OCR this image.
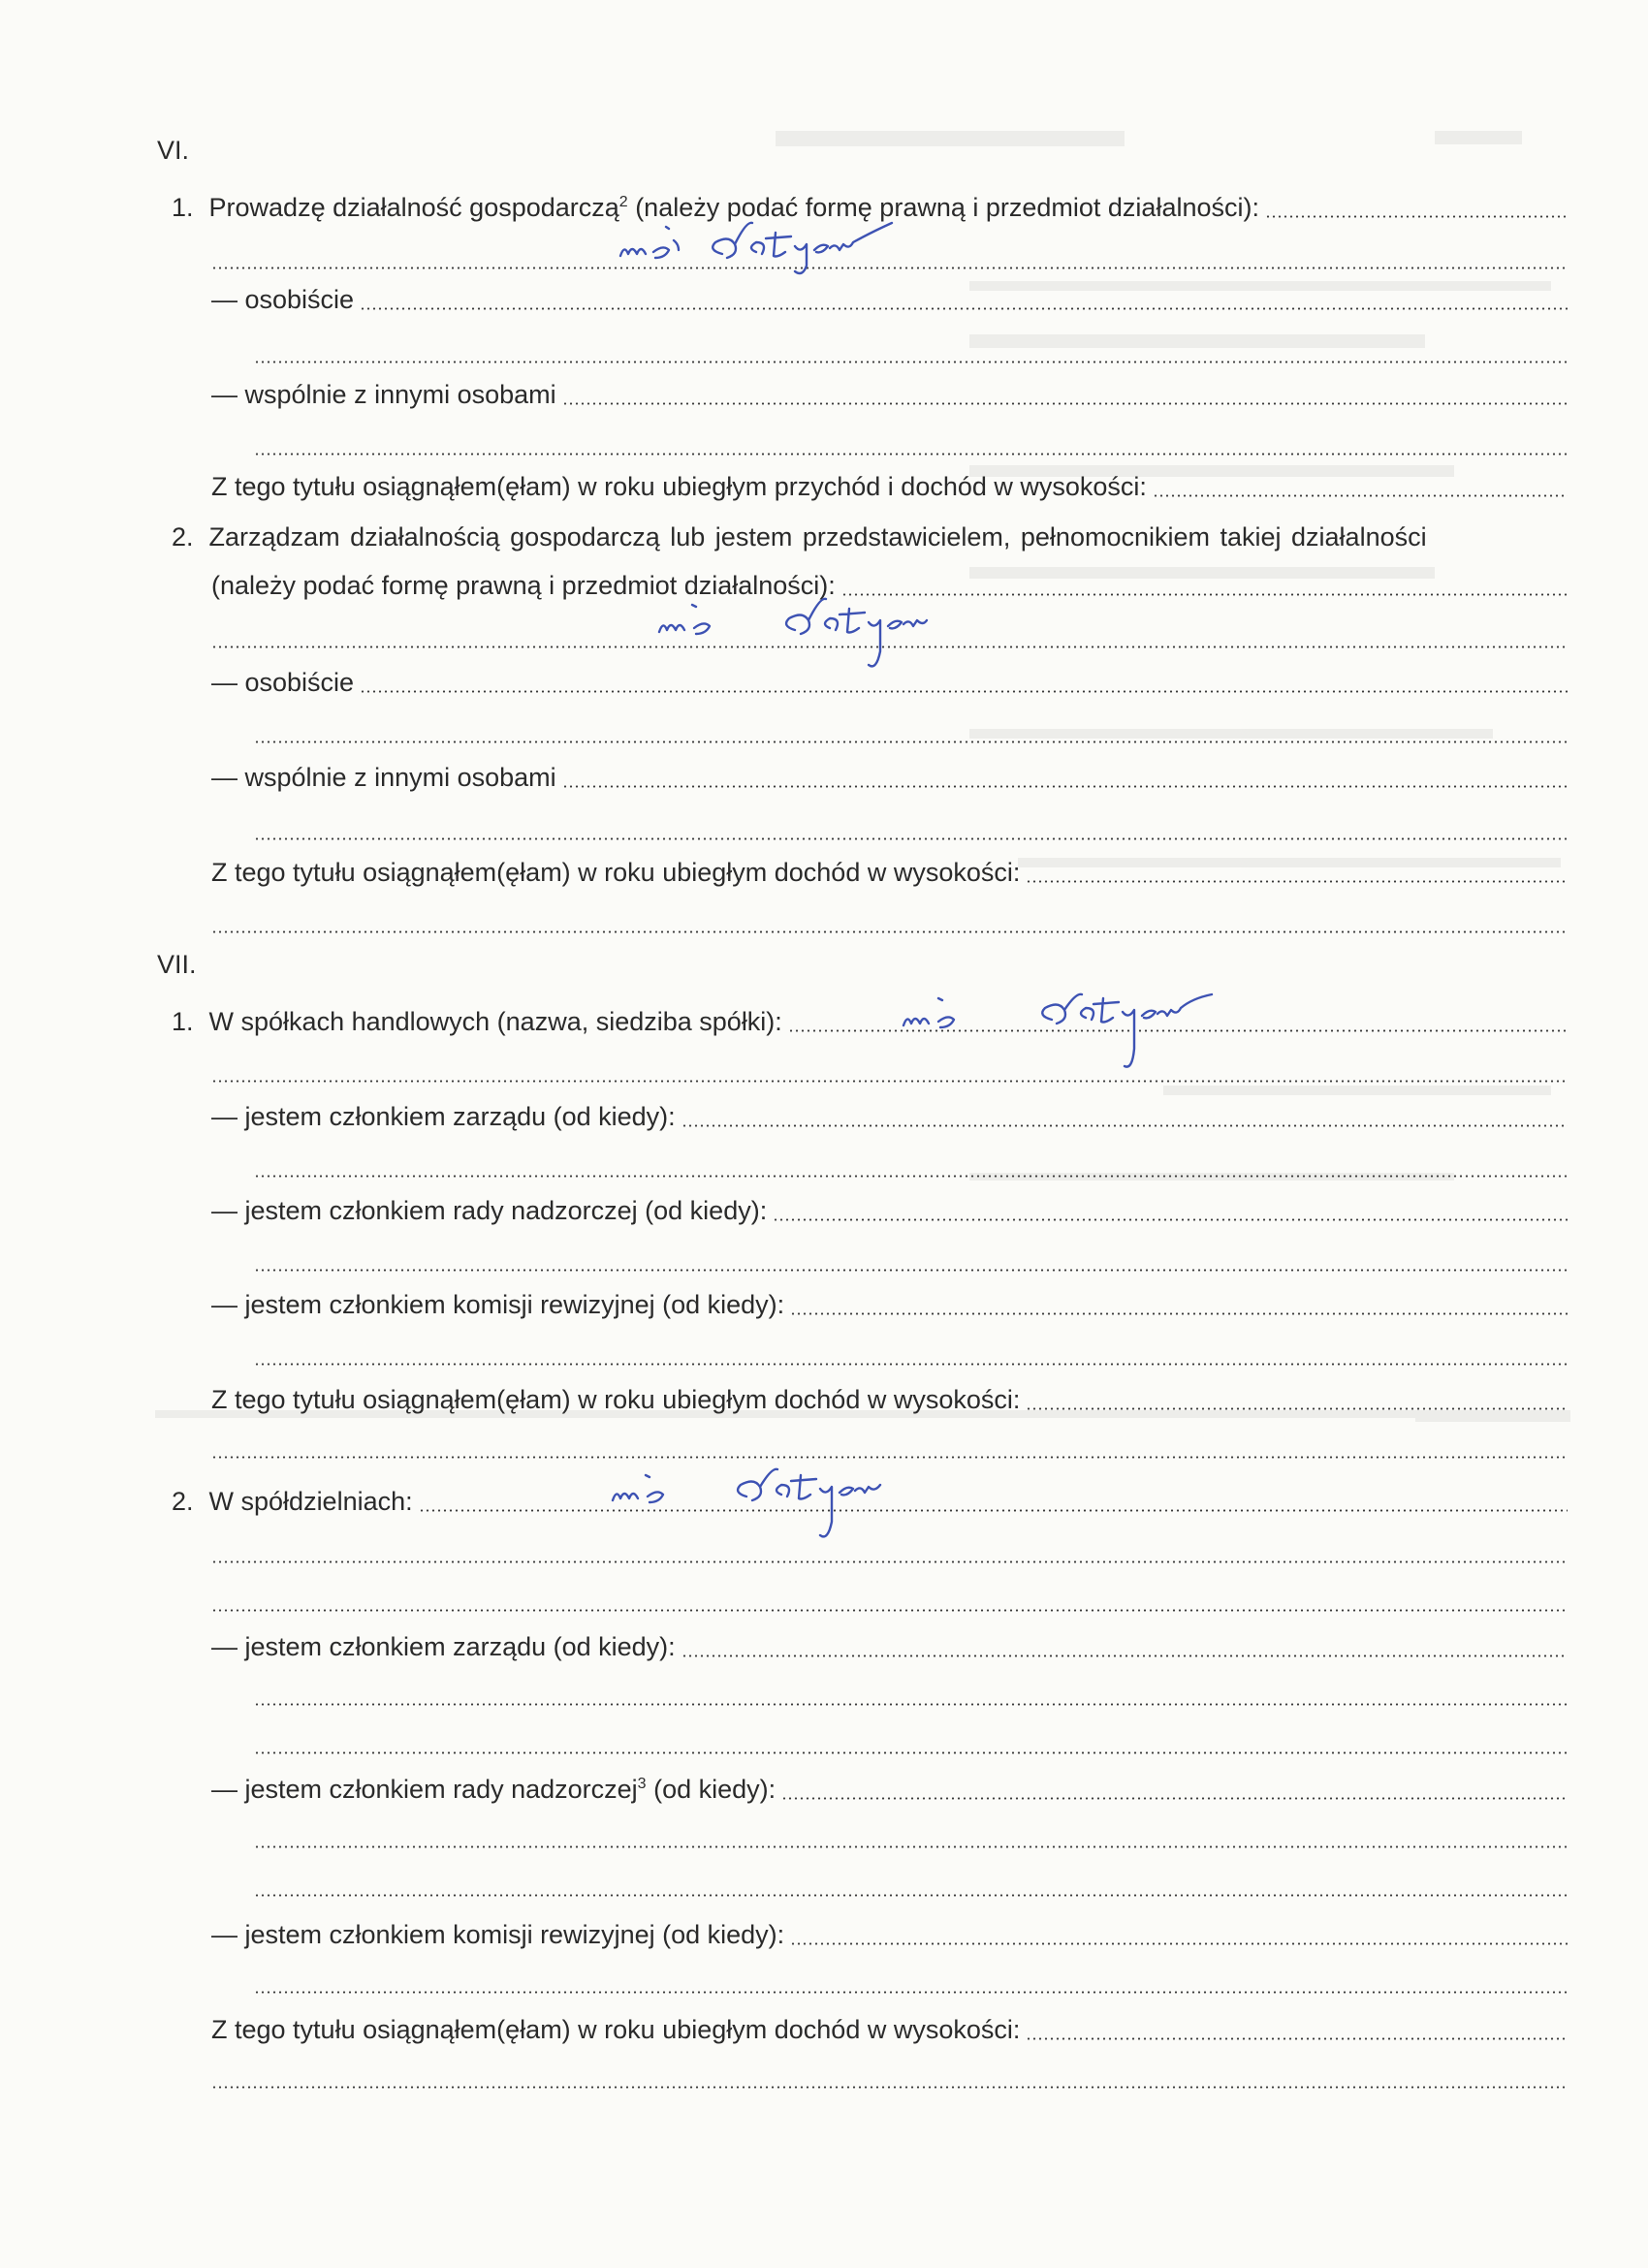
VI.
1. Prowadzę działalność gospodarczą$^2$ (należy podać formę prawną i przedmiot działalności):
— osobiście
— wspólnie z innymi osobami
Z tego tytułu osiągnąłem(ęłam) w roku ubiegłym przychód i dochód w wysokości:
2. Zarządzam działalnością gospodarczą lub jestem przedstawicielem, pełnomocnikiem takiej działalności
(należy podać formę prawną i przedmiot działalności):
— osobiście
— wspólnie z innymi osobami
Z tego tytułu osiągnąłem(ęłam) w roku ubiegłym dochód w wysokości:
VII.
1. W spółkach handlowych (nazwa, siedziba spółki):
— jestem członkiem zarządu (od kiedy):
— jestem członkiem rady nadzorczej (od kiedy):
— jestem członkiem komisji rewizyjnej (od kiedy):
Z tego tytułu osiągnąłem(ęłam) w roku ubiegłym dochód w wysokości:
2. W spółdzielniach:
— jestem członkiem zarządu (od kiedy):
— jestem członkiem rady nadzorczej$^3$ (od kiedy):
— jestem członkiem komisji rewizyjnej (od kiedy):
Z tego tytułu osiągnąłem(ęłam) w roku ubiegłym dochód w wysokości:
